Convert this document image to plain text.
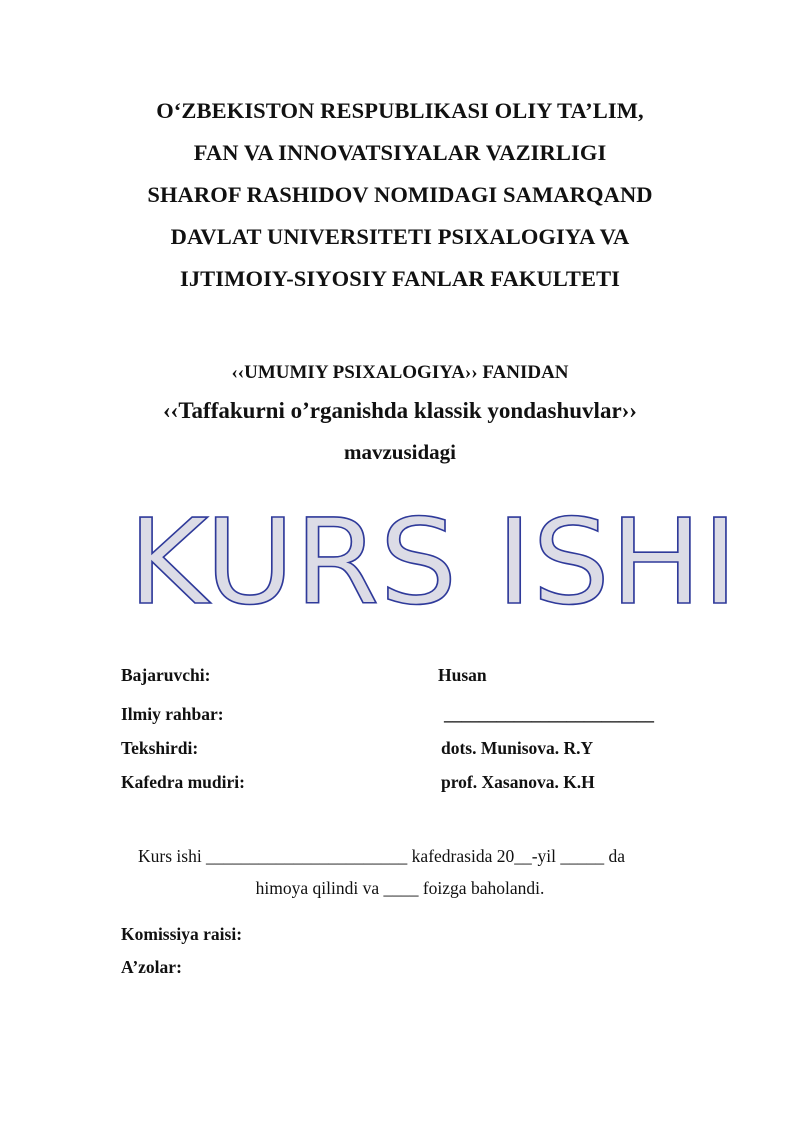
O‘ZBEKISTON RESPUBLIKASI OLIY TA’LIM,
FAN VA INNOVATSIYALAR VAZIRLIGI
SHAROF RASHIDOV NOMIDAGI SAMARQAND
DAVLAT UNIVERSITETI PSIXALOGIYA VA
IJTIMOIY-SIYOSIY FANLAR FAKULTETI
‹‹UMUMIY PSIXALOGIYA›› FANIDAN
‹‹Taffakurni o’rganishda klassik yondashuvlar››
mavzusidagi
KURS ISHI
Bajaruvchi:	Husan
Ilmiy rahbar:	________________________
Tekshirdi:	dots. Munisova. R.Y
Kafedra mudiri:	prof. Xasanova. K.H
Kurs ishi _______________________ kafedrasida 20__-yil _____ da
himoya qilindi va ____ foizga baholandi.
Komissiya raisi:
A’zolar:
